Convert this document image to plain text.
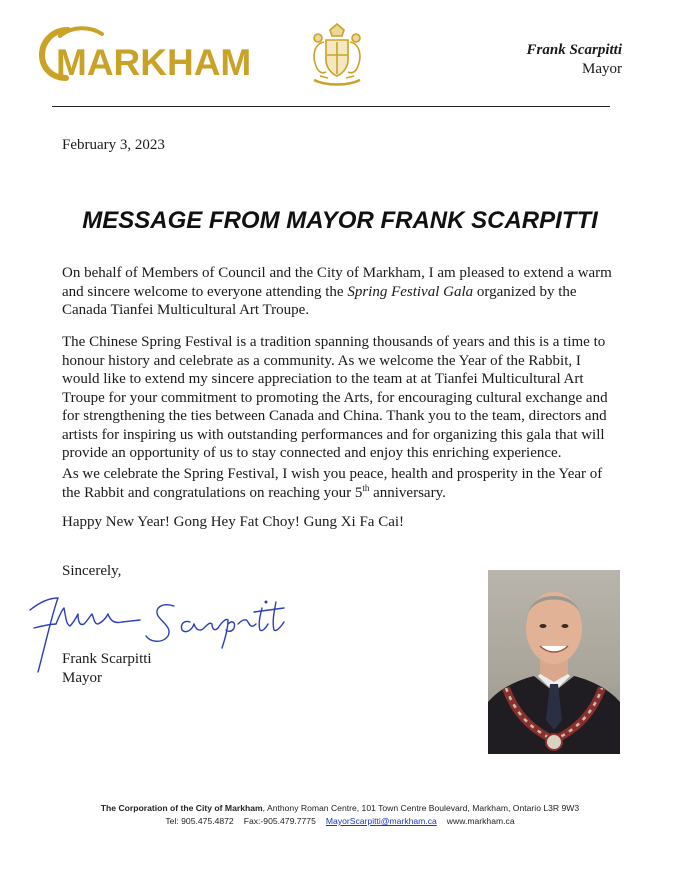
MARKHAM	Frank Scarpitti
Mayor
February 3, 2023
MESSAGE FROM MAYOR FRANK SCARPITTI
On behalf of Members of Council and the City of Markham, I am pleased to extend a warm and sincere welcome to everyone attending the Spring Festival Gala organized by the Canada Tianfei Multicultural Art Troupe.
The Chinese Spring Festival is a tradition spanning thousands of years and this is a time to honour history and celebrate as a community. As we welcome the Year of the Rabbit, I would like to extend my sincere appreciation to the team at at Tianfei Multicultural Art Troupe for your commitment to promoting the Arts, for encouraging cultural exchange and for strengthening the ties between Canada and China. Thank you to the team, directors and artists for inspiring us with outstanding performances and for organizing this gala that will provide an opportunity of us to stay connected and enjoy this enriching experience.
As we celebrate the Spring Festival, I wish you peace, health and prosperity in the Year of the Rabbit and congratulations on reaching your 5th anniversary.
Happy New Year! Gong Hey Fat Choy! Gung Xi Fa Cai!
Sincerely,
Frank Scarpitti
Mayor
The Corporation of the City of Markham, Anthony Roman Centre, 101 Town Centre Boulevard, Markham, Ontario L3R 9W3
Tel: 905.475.4872 Fax:-905.479.7775 MayorScarpitti@markham.ca www.markham.ca
